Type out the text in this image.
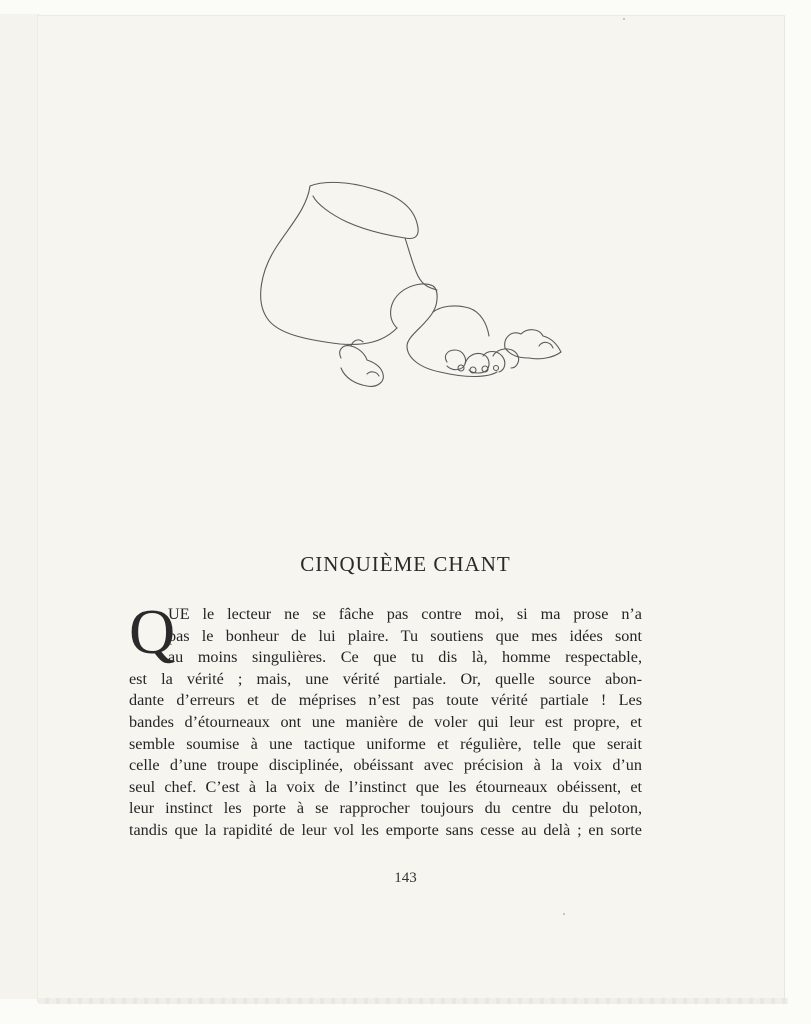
CINQUIÈME CHANT
Q
UE le lecteur ne se fâche pas contre moi, si ma prose n’a
pas le bonheur de lui plaire. Tu soutiens que mes idées sont
au moins singulières. Ce que tu dis là, homme respectable,
est la vérité ; mais, une vérité partiale. Or, quelle source abon-
dante d’erreurs et de méprises n’est pas toute vérité partiale ! Les
bandes d’étourneaux ont une manière de voler qui leur est propre, et
semble soumise à une tactique uniforme et régulière, telle que serait
celle d’une troupe disciplinée, obéissant avec précision à la voix d’un
seul chef. C’est à la voix de l’instinct que les étourneaux obéissent, et
leur instinct les porte à se rapprocher toujours du centre du peloton,
tandis que la rapidité de leur vol les emporte sans cesse au delà ; en sorte
143
